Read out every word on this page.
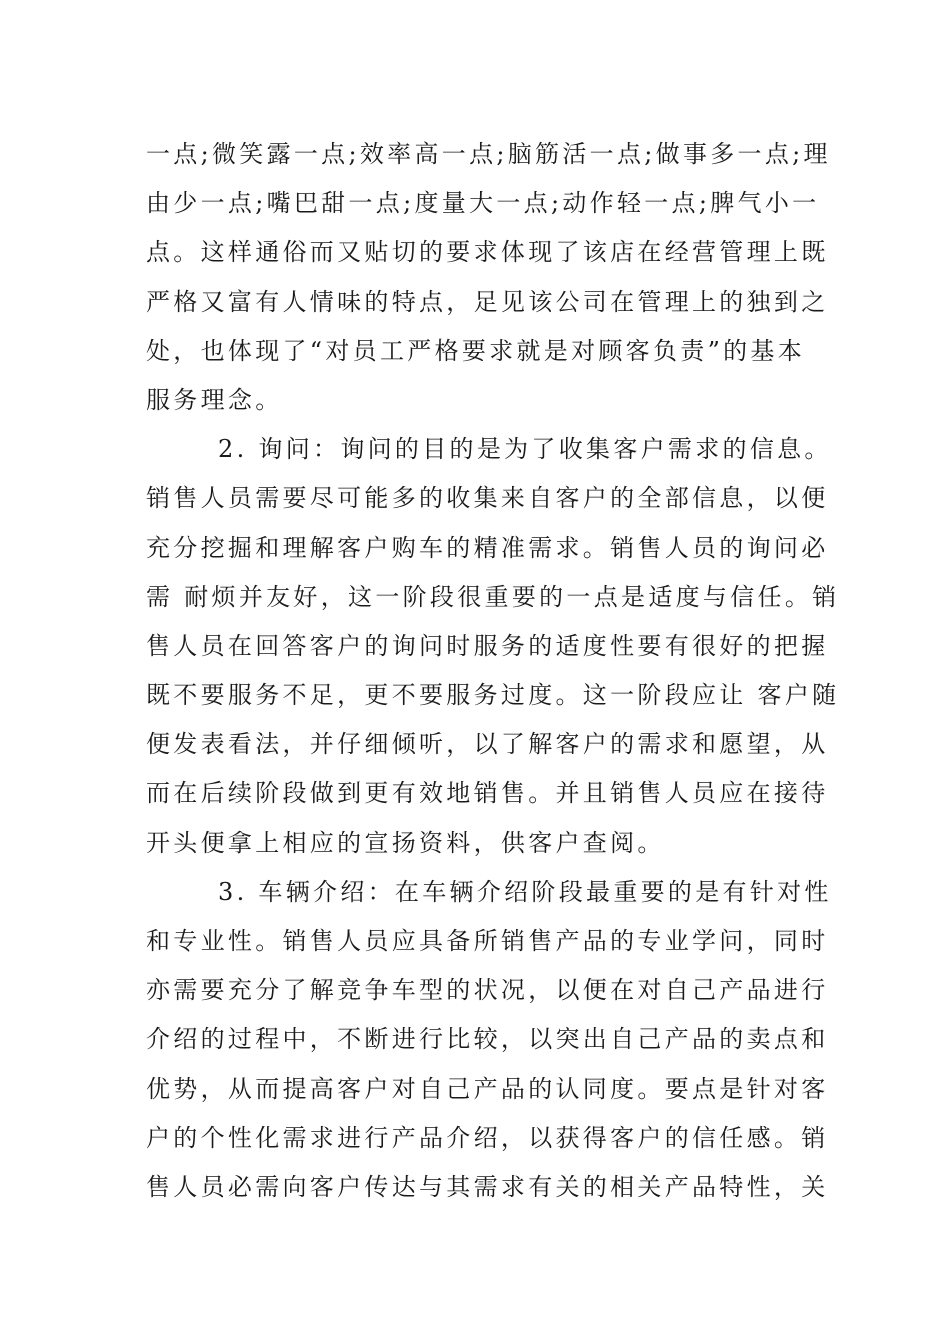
一点;微笑露一点;效率高一点;脑筋活一点;做事多一点;理
由少一点;嘴巴甜一点;度量大一点;动作轻一点;脾气小一
点。这样通俗而又贴切的要求体现了该店在经营管理上既
严格又富有人情味的特点，足见该公司在管理上的独到之
处，也体现了“对员工严格要求就是对顾客负责”的基本
服务理念。
2. 询问：询问的目的是为了收集客户需求的信息。
销售人员需要尽可能多的收集来自客户的全部信息，以便
充分挖掘和理解客户购车的精准需求。销售人员的询问必
需 耐烦并友好，这一阶段很重要的一点是适度与信任。销
售人员在回答客户的询问时服务的适度性要有很好的把握
既不要服务不足，更不要服务过度。这一阶段应让 客户随
便发表看法，并仔细倾听，以了解客户的需求和愿望，从
而在后续阶段做到更有效地销售。并且销售人员应在接待
开头便拿上相应的宣扬资料，供客户查阅。
3. 车辆介绍：在车辆介绍阶段最重要的是有针对性
和专业性。销售人员应具备所销售产品的专业学问，同时
亦需要充分了解竞争车型的状况，以便在对自己产品进行
介绍的过程中，不断进行比较，以突出自己产品的卖点和
优势，从而提高客户对自己产品的认同度。要点是针对客
户的个性化需求进行产品介绍，以获得客户的信任感。销
售人员必需向客户传达与其需求有关的相关产品特性，关
